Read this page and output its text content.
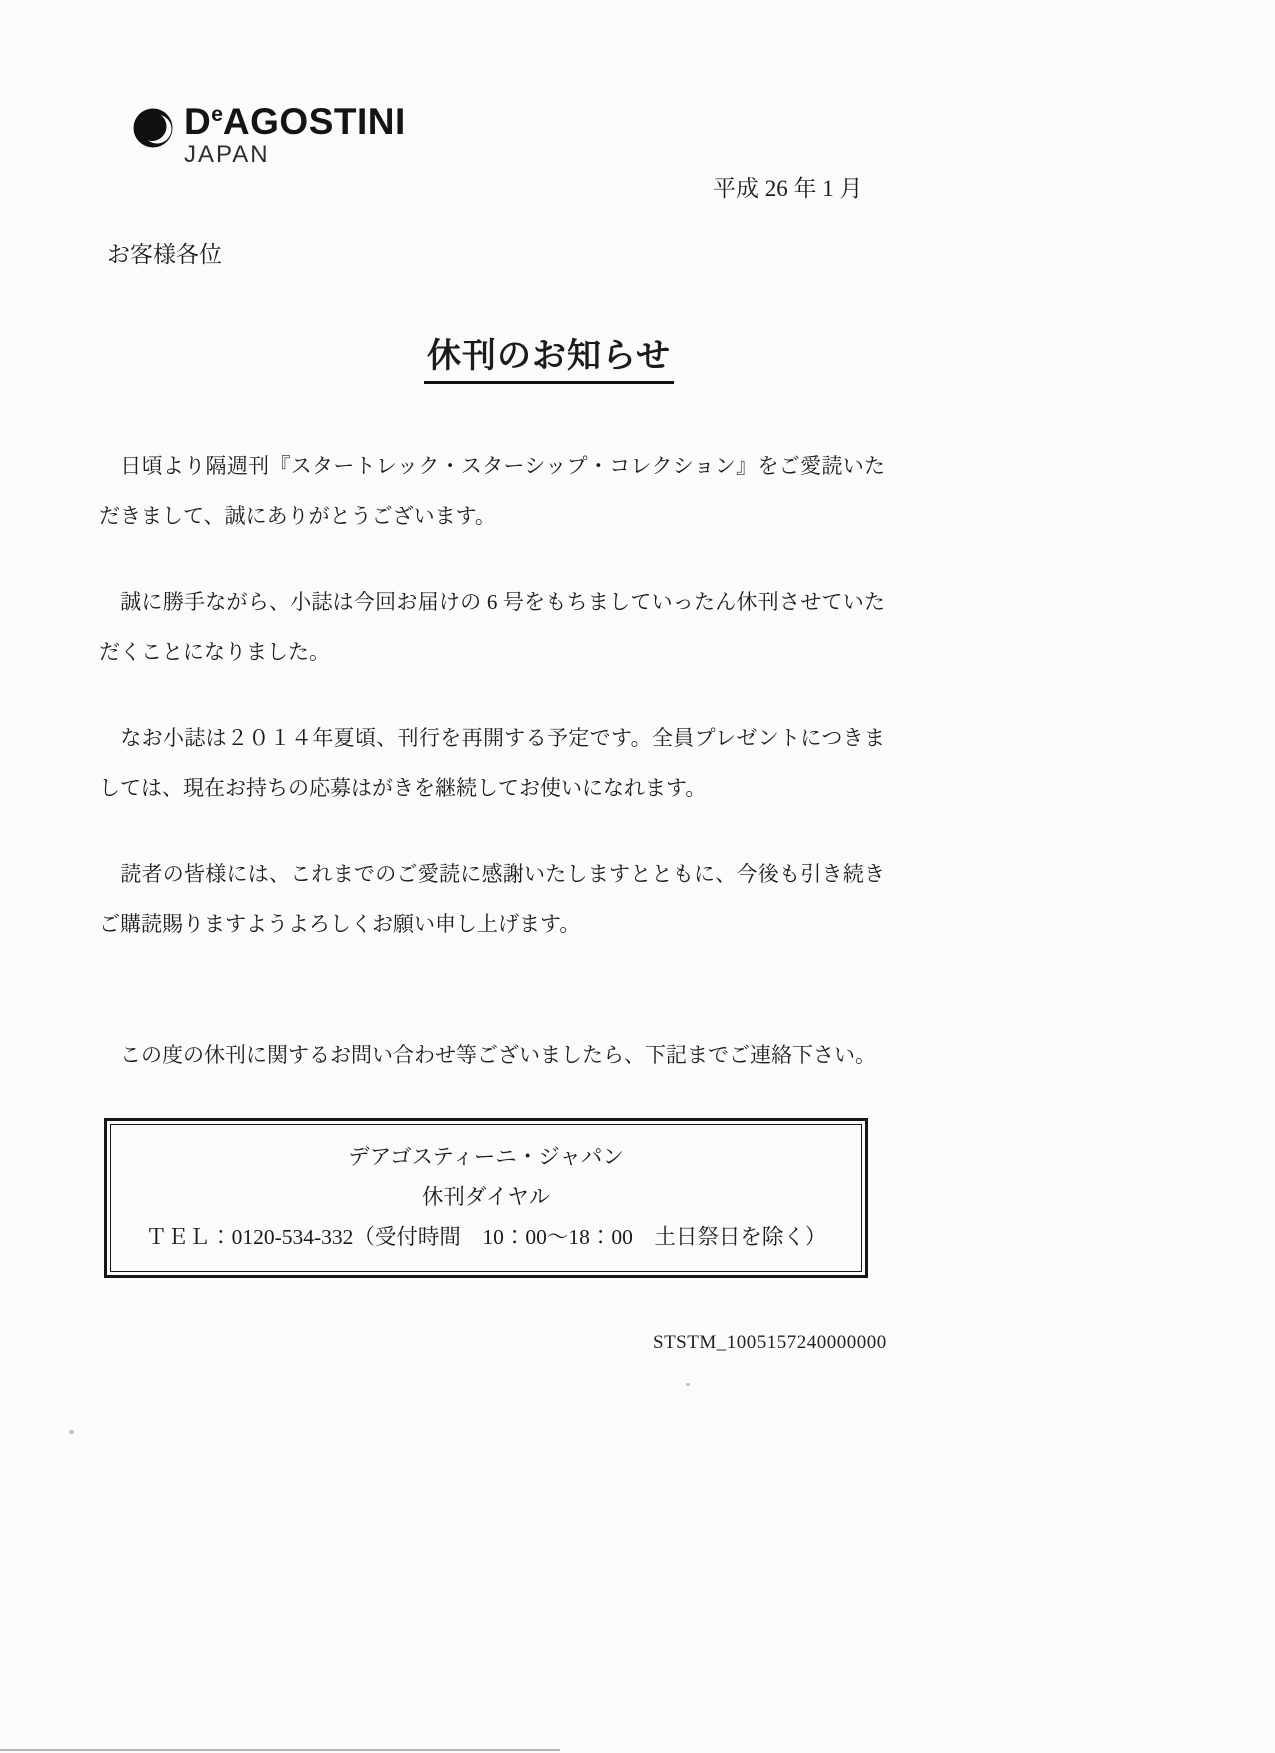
DeAGOSTINI
JAPAN
平成 26 年 1 月
お客様各位
休刊のお知らせ

　日頃より隔週刊『スタートレック・スターシップ・コレクション』をご愛読いただきまして、誠にありがとうございます。

　誠に勝手ながら、小誌は今回お届けの 6 号をもちましていったん休刊させていただくことになりました。

　なお小誌は２０１４年夏頃、刊行を再開する予定です。全員プレゼントにつきましては、現在お持ちの応募はがきを継続してお使いになれます。

　読者の皆様には、これまでのご愛読に感謝いたしますとともに、今後も引き続きご購読賜りますようよろしくお願い申し上げます。

　この度の休刊に関するお問い合わせ等ございましたら、下記までご連絡下さい。
デアゴスティーニ・ジャパン
休刊ダイヤル
ＴＥＬ：0120-534-332（受付時間　10：00～18：00　土日祭日を除く）
STSTM_1005157240000000
